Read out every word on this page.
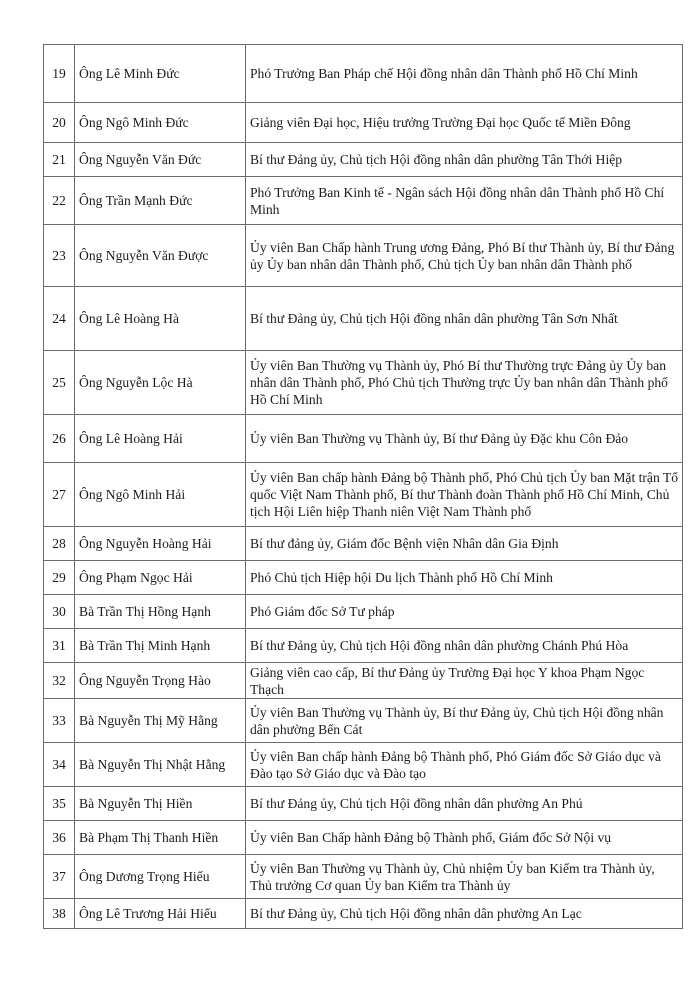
19	Ông Lê Minh Đức	Phó Trưởng Ban Pháp chế Hội đồng nhân dân Thành phố Hồ Chí Minh
20	Ông Ngô Minh Đức	Giảng viên Đại học, Hiệu trưởng Trường Đại học Quốc tế Miền Đông
21	Ông Nguyễn Văn Đức	Bí thư Đảng ủy, Chủ tịch Hội đồng nhân dân phường Tân Thới Hiệp
22	Ông Trần Mạnh Đức	Phó Trưởng Ban Kinh tế - Ngân sách Hội đồng nhân dân Thành phố Hồ Chí Minh
23	Ông Nguyễn Văn Được	Ủy viên Ban Chấp hành Trung ương Đảng, Phó Bí thư Thành ủy, Bí thư Đảng ủy Ủy ban nhân dân Thành phố, Chủ tịch Ủy ban nhân dân Thành phố
24	Ông Lê Hoàng Hà	Bí thư Đảng ủy, Chủ tịch Hội đồng nhân dân phường Tân Sơn Nhất
25	Ông Nguyễn Lộc Hà	Ủy viên Ban Thường vụ Thành ủy, Phó Bí thư Thường trực Đảng ủy Ủy ban nhân dân Thành phố, Phó Chủ tịch Thường trực Ủy ban nhân dân Thành phố Hồ Chí Minh
26	Ông Lê Hoàng Hải	Ủy viên Ban Thường vụ Thành ủy, Bí thư Đảng ủy Đặc khu Côn Đảo
27	Ông Ngô Minh Hải	Ủy viên Ban chấp hành Đảng bộ Thành phố, Phó Chủ tịch Ủy ban Mặt trận Tổ quốc Việt Nam Thành phố, Bí thư Thành đoàn Thành phố Hồ Chí Minh, Chủ tịch Hội Liên hiệp Thanh niên Việt Nam Thành phố
28	Ông Nguyễn Hoàng Hải	Bí thư đảng ủy, Giám đốc Bệnh viện Nhân dân Gia Định
29	Ông Phạm Ngọc Hải	Phó Chủ tịch Hiệp hội Du lịch Thành phố Hồ Chí Minh
30	Bà Trần Thị Hồng Hạnh	Phó Giám đốc Sở Tư pháp
31	Bà Trần Thị Minh Hạnh	Bí thư Đảng ủy, Chủ tịch Hội đồng nhân dân phường Chánh Phú Hòa
32	Ông Nguyễn Trọng Hào	Giảng viên cao cấp, Bí thư Đảng ủy Trường Đại học Y khoa Phạm Ngọc Thạch
33	Bà Nguyễn Thị Mỹ Hằng	Ủy viên Ban Thường vụ Thành ủy, Bí thư Đảng ủy, Chủ tịch Hội đồng nhân dân phường Bến Cát
34	Bà Nguyễn Thị Nhật Hằng	Ủy viên Ban chấp hành Đảng bộ Thành phố, Phó Giám đốc Sở Giáo dục và Đào tạo Sở Giáo dục và Đào tạo
35	Bà Nguyễn Thị Hiền	Bí thư Đảng ủy, Chủ tịch Hội đồng nhân dân phường An Phú
36	Bà Phạm Thị Thanh Hiền	Ủy viên Ban Chấp hành Đảng bộ Thành phố, Giám đốc Sở Nội vụ
37	Ông Dương Trọng Hiếu	Ủy viên Ban Thường vụ Thành ủy, Chủ nhiệm Ủy ban Kiểm tra Thành ủy, Thủ trưởng Cơ quan Ủy ban Kiểm tra Thành ủy
38	Ông Lê Trương Hải Hiếu	Bí thư Đảng ủy, Chủ tịch Hội đồng nhân dân phường An Lạc
